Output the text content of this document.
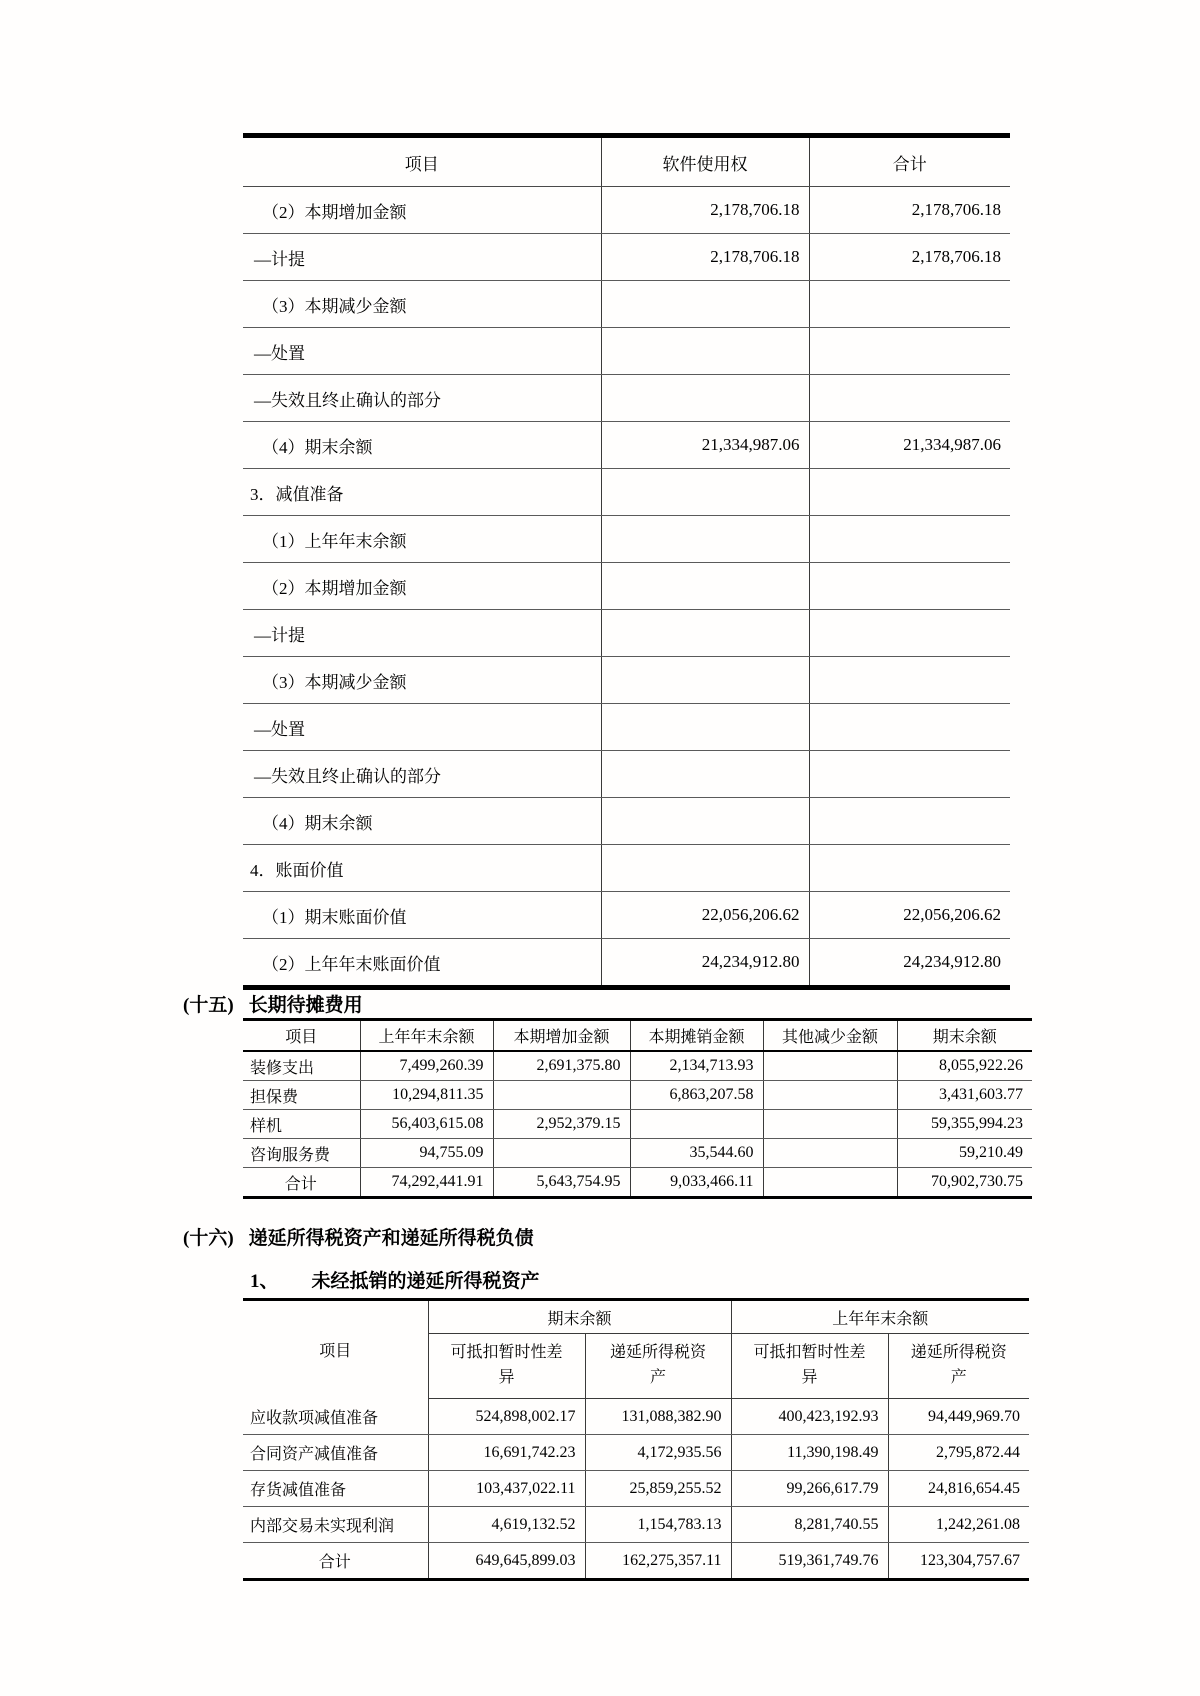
项目	软件使用权	合计
（2）本期增加金额	2,178,706.18	2,178,706.18
—计提	2,178,706.18	2,178,706.18
（3）本期减少金额		
—处置		
—失效且终止确认的部分		
（4）期末余额	21,334,987.06	21,334,987.06
3．减值准备		
（1）上年年末余额		
（2）本期增加金额		
—计提		
（3）本期减少金额		
—处置		
—失效且终止确认的部分		
（4）期末余额		
4．账面价值		
（1）期末账面价值	22,056,206.62	22,056,206.62
（2）上年年末账面价值	24,234,912.80	24,234,912.80
(十五) 长期待摊费用
项目	上年年末余额	本期增加金额	本期摊销金额	其他减少金额	期末余额
装修支出	7,499,260.39	2,691,375.80	2,134,713.93		8,055,922.26
担保费	10,294,811.35		6,863,207.58		3,431,603.77
样机	56,403,615.08	2,952,379.15			59,355,994.23
咨询服务费	94,755.09		35,544.60		59,210.49
合计	74,292,441.91	5,643,754.95	9,033,466.11		70,902,730.75
(十六) 递延所得税资产和递延所得税负债
1、 未经抵销的递延所得税资产
项目	期末余额		上年年末余额	
	可抵扣暂时性差异	递延所得税资产	可抵扣暂时性差异	递延所得税资产
应收款项减值准备	524,898,002.17	131,088,382.90	400,423,192.93	94,449,969.70
合同资产减值准备	16,691,742.23	4,172,935.56	11,390,198.49	2,795,872.44
存货减值准备	103,437,022.11	25,859,255.52	99,266,617.79	24,816,654.45
内部交易未实现利润	4,619,132.52	1,154,783.13	8,281,740.55	1,242,261.08
合计	649,645,899.03	162,275,357.11	519,361,749.76	123,304,757.67
